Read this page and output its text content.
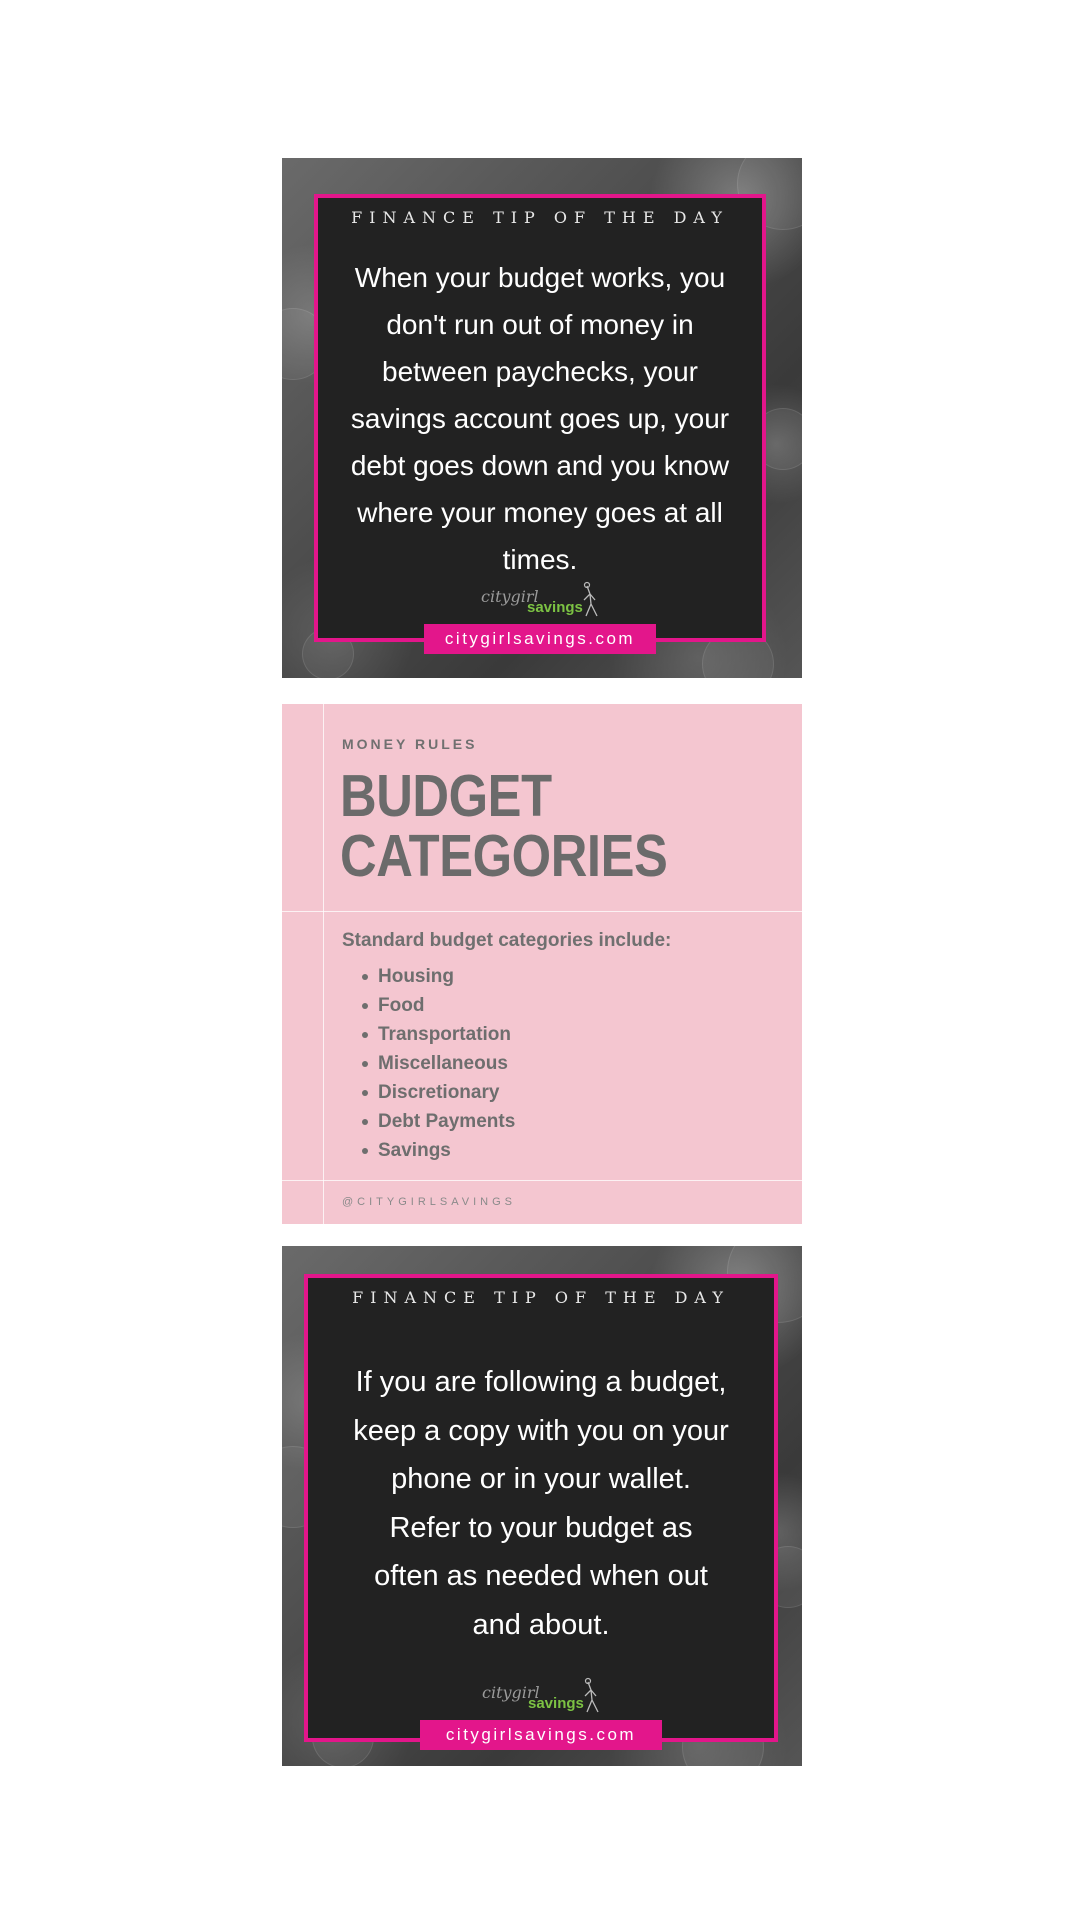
FINANCE TIP OF THE DAY
When your budget works, you
don't run out of money in
between paychecks, your
savings account goes up, your
debt goes down and you know
where your money goes at all
times.
citygirl
savings
citygirlsavings.com
MONEY RULES
BUDGET
CATEGORIES
Standard budget categories include:
Housing
Food
Transportation
Miscellaneous
Discretionary
Debt Payments
Savings
@CITYGIRLSAVINGS
FINANCE TIP OF THE DAY
If you are following a budget,
keep a copy with you on your
phone or in your wallet.
Refer to your budget as
often as needed when out
and about.
citygirl
savings
citygirlsavings.com
